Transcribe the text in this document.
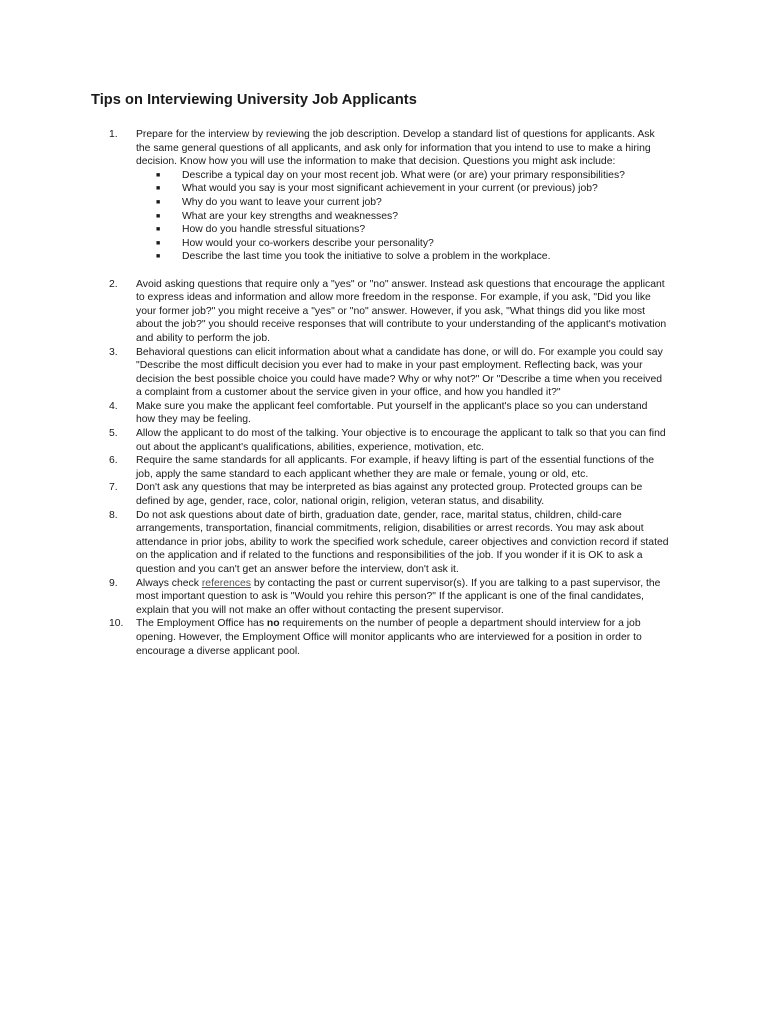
Tips on Interviewing University Job Applicants
1.	Prepare for the interview by reviewing the job description. Develop a standard list of questions for applicants. Ask the same general questions of all applicants, and ask only for information that you intend to use to make a hiring decision. Know how you will use the information to make that decision. Questions you might ask include:
■	Describe a typical day on your most recent job. What were (or are) your primary responsibilities?
■	What would you say is your most significant achievement in your current (or previous) job?
■	Why do you want to leave your current job?
■	What are your key strengths and weaknesses?
■	How do you handle stressful situations?
■	How would your co-workers describe your personality?
■	Describe the last time you took the initiative to solve a problem in the workplace.
2.	Avoid asking questions that require only a "yes" or "no" answer. Instead ask questions that encourage the applicant to express ideas and information and allow more freedom in the response. For example, if you ask, "Did you like your former job?" you might receive a "yes" or "no" answer. However, if you ask, "What things did you like most about the job?" you should receive responses that will contribute to your understanding of the applicant's motivation and ability to perform the job.
3.	Behavioral questions can elicit information about what a candidate has done, or will do. For example you could say "Describe the most difficult decision you ever had to make in your past employment. Reflecting back, was your decision the best possible choice you could have made? Why or why not?" Or "Describe a time when you received a complaint from a customer about the service given in your office, and how you handled it?"
4.	Make sure you make the applicant feel comfortable. Put yourself in the applicant's place so you can understand how they may be feeling.
5.	Allow the applicant to do most of the talking. Your objective is to encourage the applicant to talk so that you can find out about the applicant's qualifications, abilities, experience, motivation, etc.
6.	Require the same standards for all applicants. For example, if heavy lifting is part of the essential functions of the job, apply the same standard to each applicant whether they are male or female, young or old, etc.
7.	Don't ask any questions that may be interpreted as bias against any protected group. Protected groups can be defined by age, gender, race, color, national origin, religion, veteran status, and disability.
8.	Do not ask questions about date of birth, graduation date, gender, race, marital status, children, child-care arrangements, transportation, financial commitments, religion, disabilities or arrest records. You may ask about attendance in prior jobs, ability to work the specified work schedule, career objectives and conviction record if stated on the application and if related to the functions and responsibilities of the job. If you wonder if it is OK to ask a question and you can't get an answer before the interview, don't ask it.
9.	Always check references by contacting the past or current supervisor(s). If you are talking to a past supervisor, the most important question to ask is "Would you rehire this person?" If the applicant is one of the final candidates, explain that you will not make an offer without contacting the present supervisor.
10.	The Employment Office has no requirements on the number of people a department should interview for a job opening. However, the Employment Office will monitor applicants who are interviewed for a position in order to encourage a diverse applicant pool.
